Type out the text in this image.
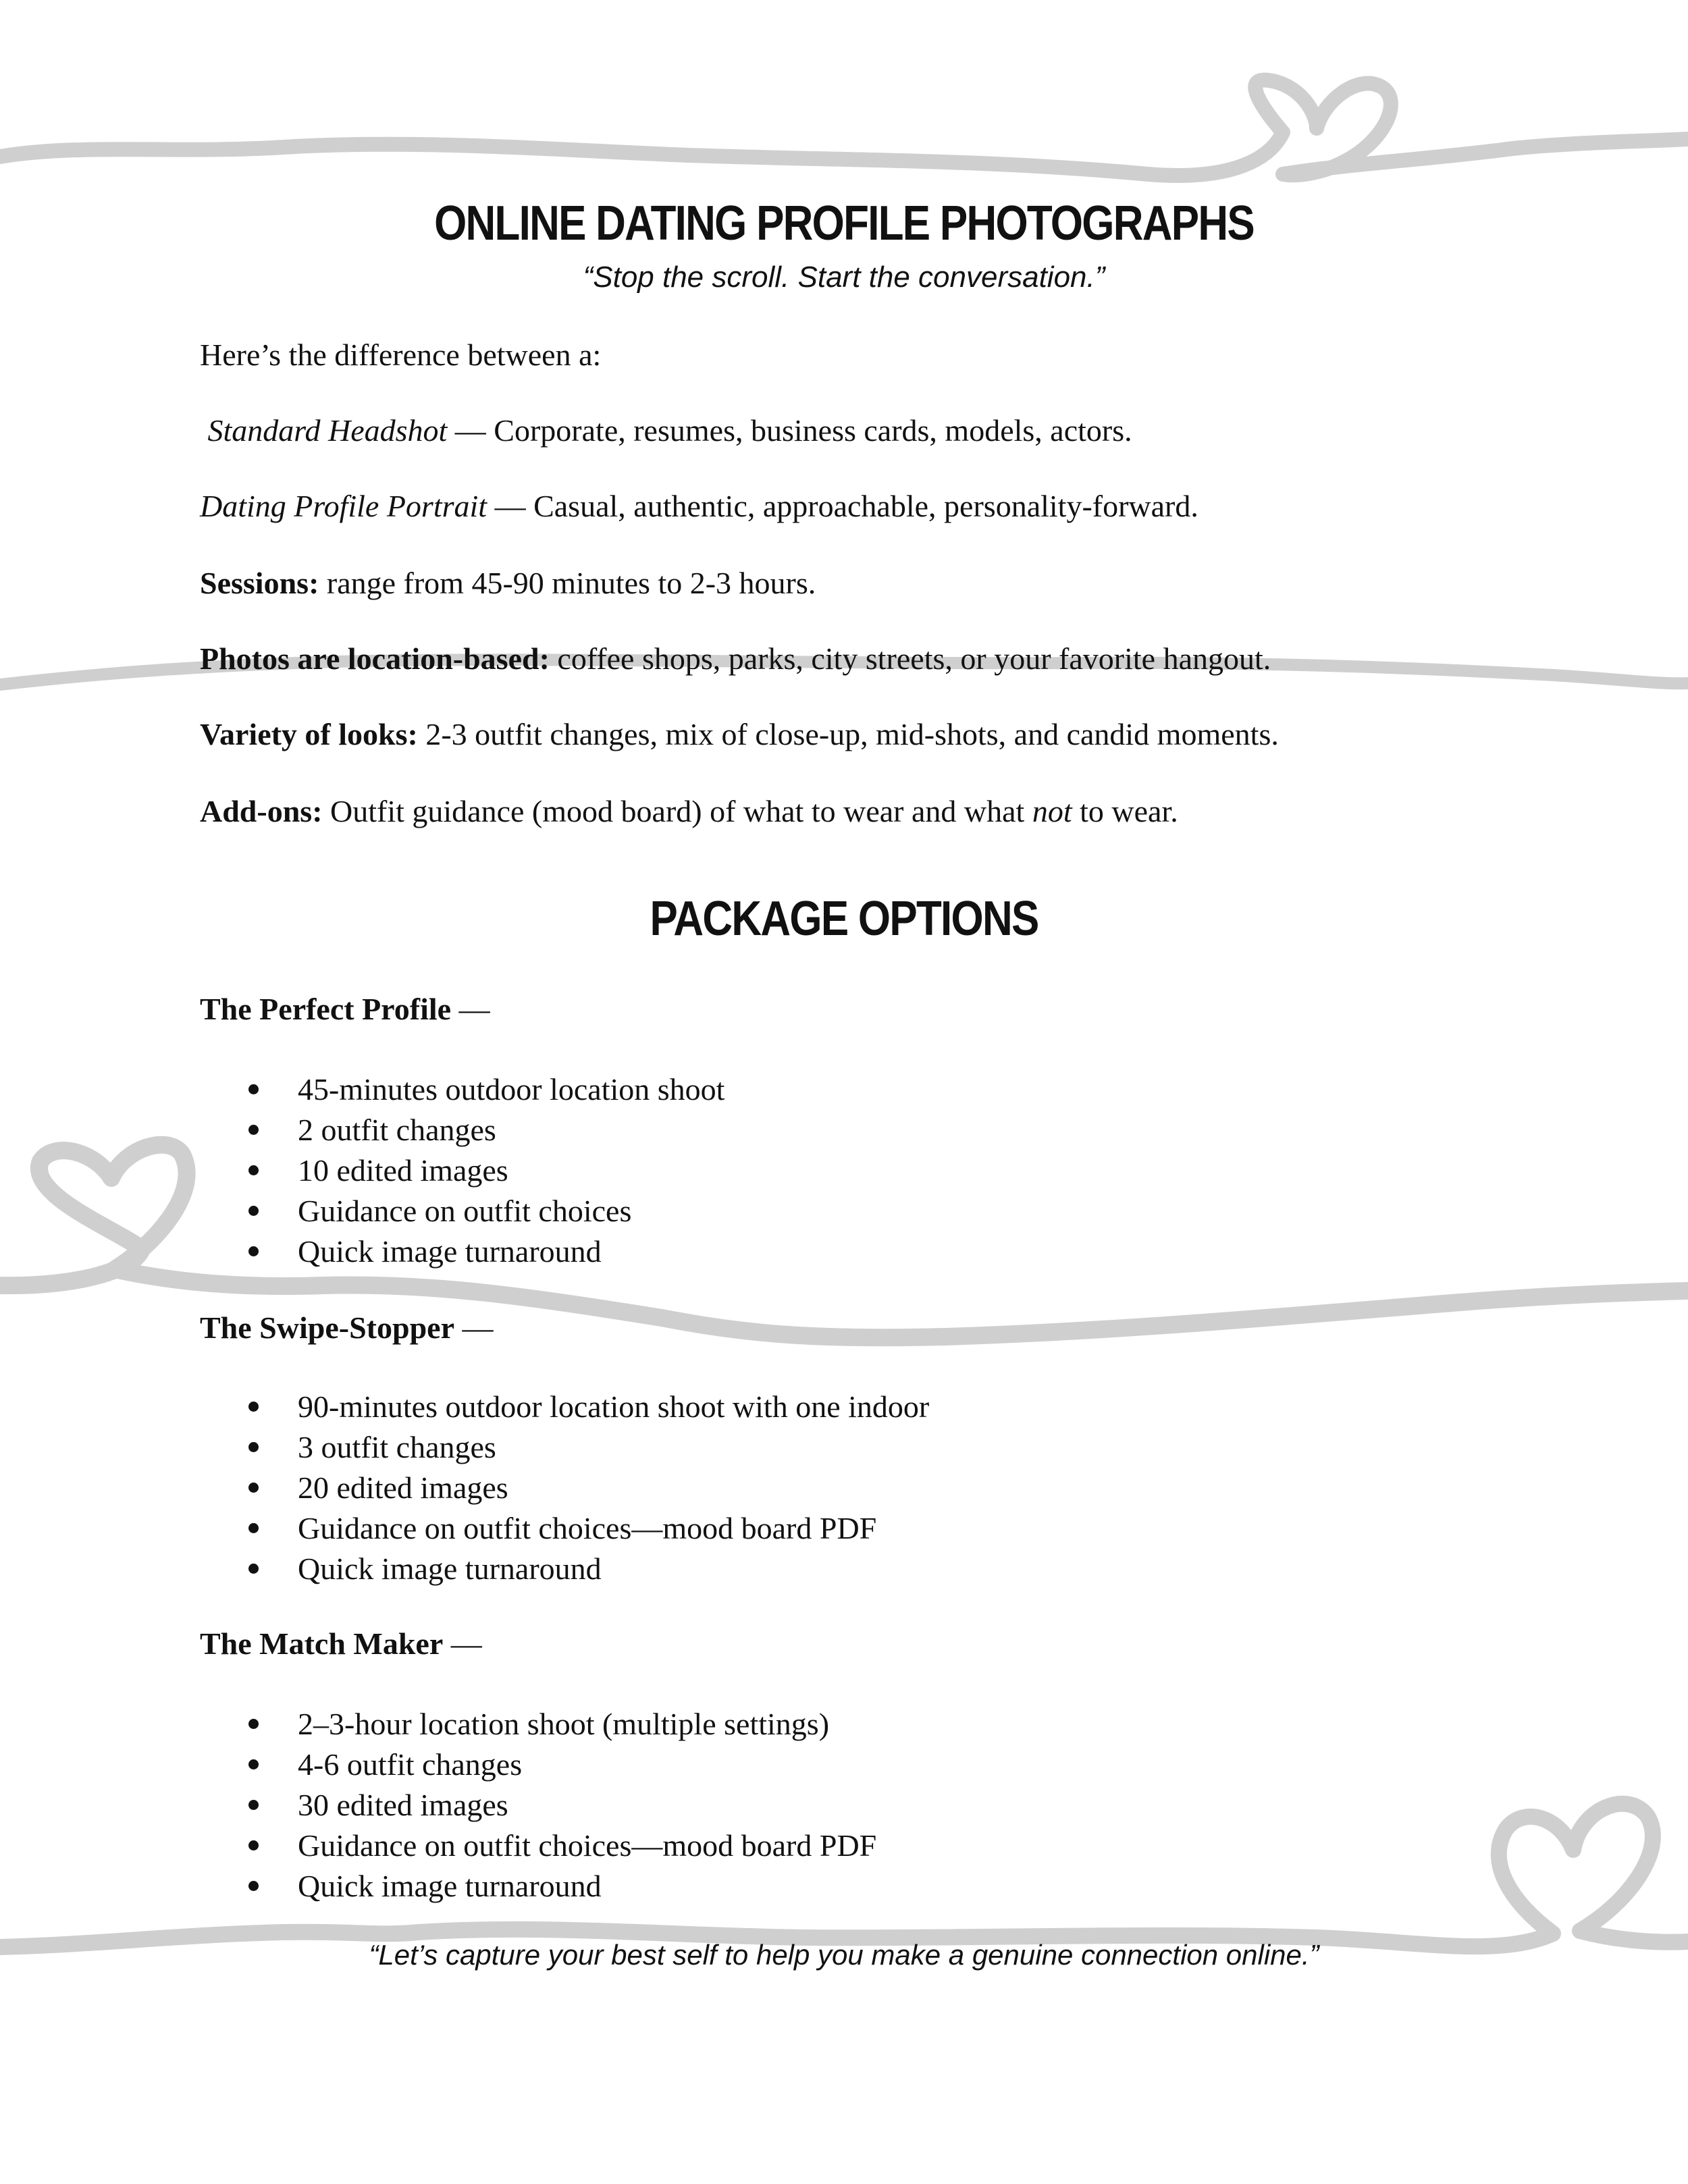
ONLINE DATING PROFILE PHOTOGRAPHS

“Stop the scroll. Start the conversation.”

Here’s the difference between a:

Standard Headshot — Corporate, resumes, business cards, models, actors.

Dating Profile Portrait — Casual, authentic, approachable, personality-forward.

Sessions: range from 45-90 minutes to 2-3 hours.

Photos are location-based: coffee shops, parks, city streets, or your favorite hangout.

Variety of looks: 2-3 outfit changes, mix of close-up, mid-shots, and candid moments.

Add-ons: Outfit guidance (mood board) of what to wear and what not to wear.

PACKAGE OPTIONS

The Perfect Profile —

45-minutes outdoor location shoot
2 outfit changes
10 edited images
Guidance on outfit choices
Quick image turnaround

The Swipe-Stopper —

90-minutes outdoor location shoot with one indoor
3 outfit changes
20 edited images
Guidance on outfit choices—mood board PDF
Quick image turnaround

The Match Maker —

2–3-hour location shoot (multiple settings)
4-6 outfit changes
30 edited images
Guidance on outfit choices—mood board PDF
Quick image turnaround

“Let’s capture your best self to help you make a genuine connection online.”
